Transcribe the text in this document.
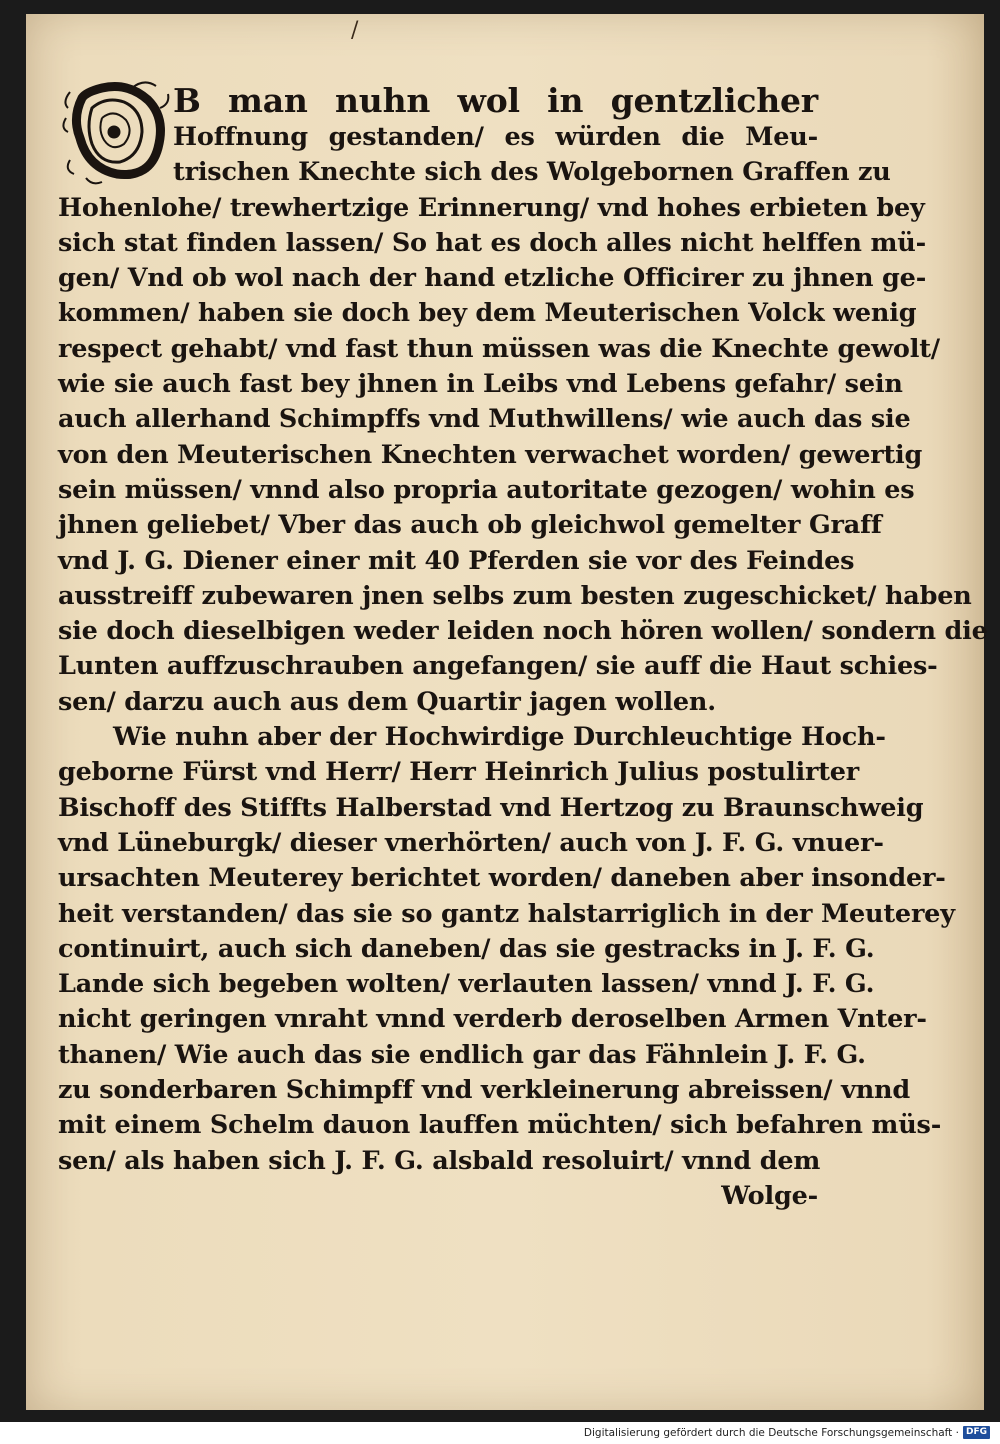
/
O
B man nuhn wol in gentzlicher
Hoffnung gestanden/ es würden die Meu-
trischen Knechte sich des Wolgebornen Graffen zu
Hohenlohe/ trewhertzige Erinnerung/ vnd hohes erbieten bey
sich stat finden lassen/ So hat es doch alles nicht helffen mü-
gen/ Vnd ob wol nach der hand etzliche Officirer zu jhnen ge-
kommen/ haben sie doch bey dem Meuterischen Volck wenig
respect gehabt/ vnd fast thun müssen was die Knechte gewolt/
wie sie auch fast bey jhnen in Leibs vnd Lebens gefahr/ sein
auch allerhand Schimpffs vnd Muthwillens/ wie auch das sie
von den Meuterischen Knechten verwachet worden/ gewertig
sein müssen/ vnnd also propria autoritate gezogen/ wohin es
jhnen geliebet/ Vber das auch ob gleichwol gemelter Graff
vnd J. G. Diener einer mit 40 Pferden sie vor des Feindes
ausstreiff zubewaren jnen selbs zum besten zugeschicket/ haben
sie doch dieselbigen weder leiden noch hören wollen/ sondern die
Lunten auffzuschrauben angefangen/ sie auff die Haut schies-
sen/ darzu auch aus dem Quartir jagen wollen.
Wie nuhn aber der Hochwirdige Durchleuchtige Hoch-
geborne Fürst vnd Herr/ Herr Heinrich Julius postulirter
Bischoff des Stiffts Halberstad vnd Hertzog zu Braunschweig
vnd Lüneburgk/ dieser vnerhörten/ auch von J. F. G. vnuer-
ursachten Meuterey berichtet worden/ daneben aber insonder-
heit verstanden/ das sie so gantz halstarriglich in der Meuterey
continuirt, auch sich daneben/ das sie gestracks in J. F. G.
Lande sich begeben wolten/ verlauten lassen/ vnnd J. F. G.
nicht geringen vnraht vnnd verderb deroselben Armen Vnter-
thanen/ Wie auch das sie endlich gar das Fähnlein J. F. G.
zu sonderbaren Schimpff vnd verkleinerung abreissen/ vnnd
mit einem Schelm dauon lauffen müchten/ sich befahren müs-
sen/ als haben sich J. F. G. alsbald resoluirt/ vnnd dem
Wolge-
Digitalisierung gefördert durch die Deutsche Forschungsgemeinschaft · DFG
